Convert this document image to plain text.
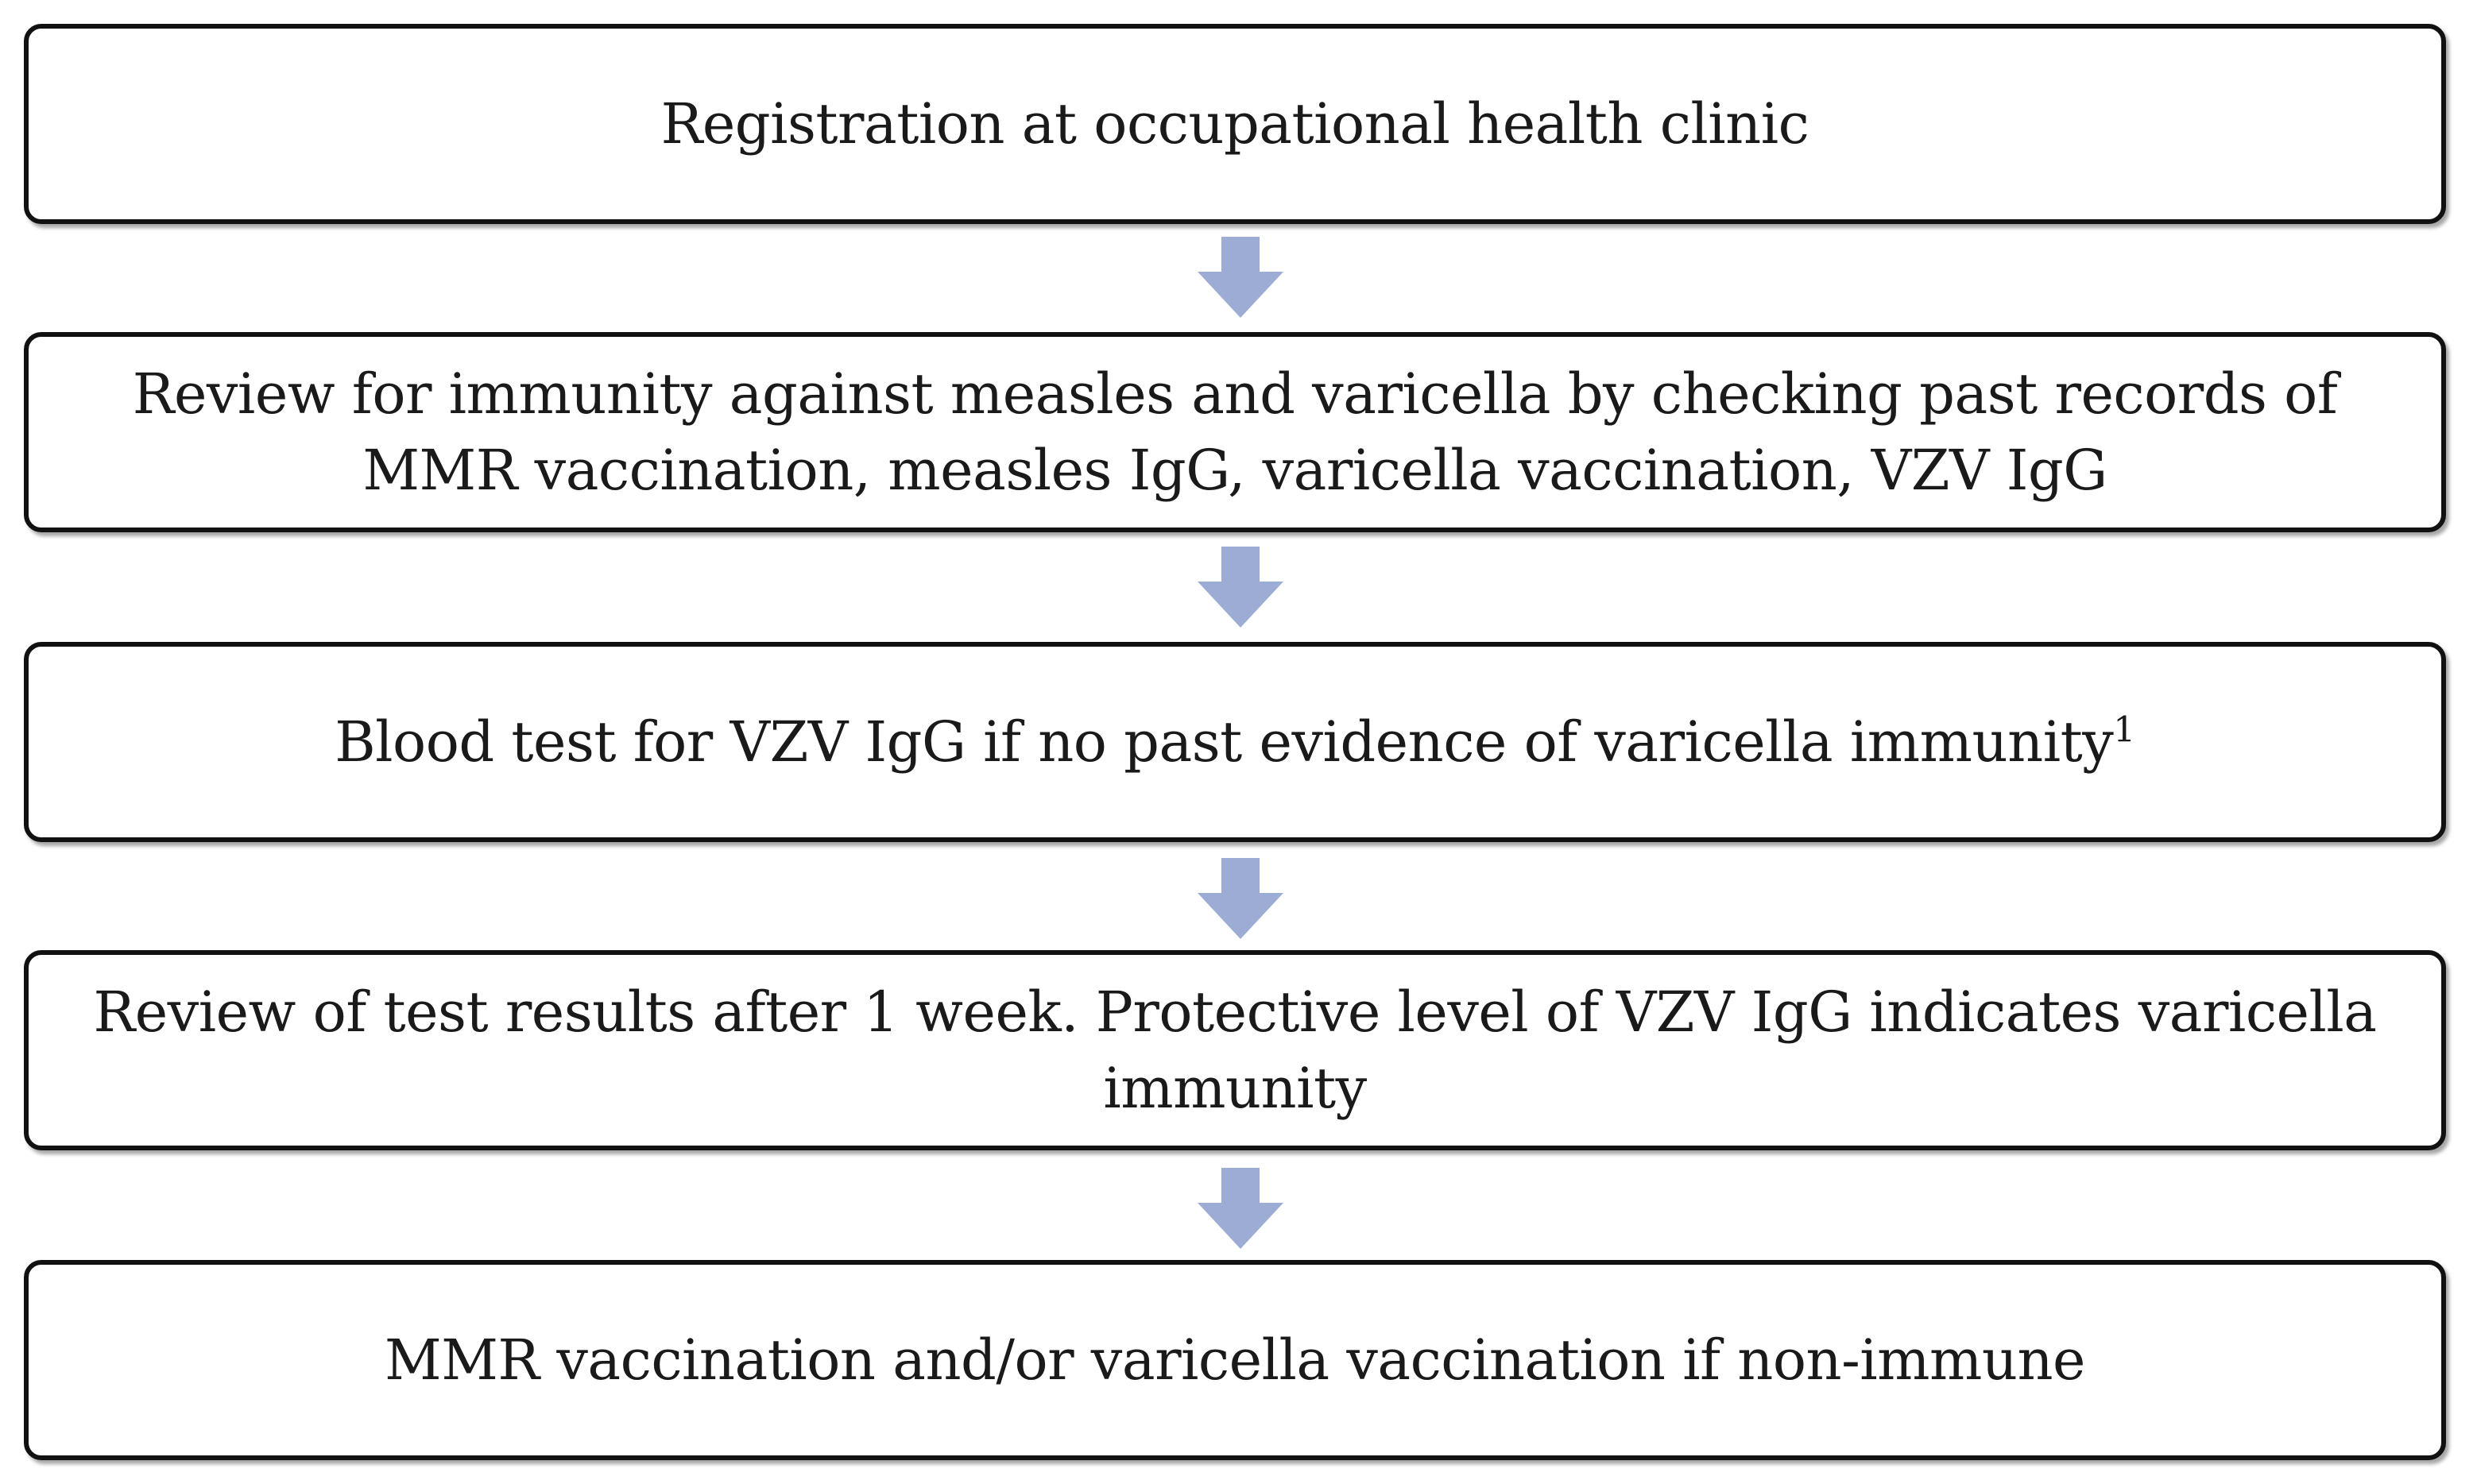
Registration at occupational health clinic
Review for immunity against measles and varicella by checking past records of MMR vaccination, measles IgG, varicella vaccination, VZV IgG
Blood test for VZV IgG if no past evidence of varicella immunity$^1$
Review of test results after 1 week. Protective level of VZV IgG indicates varicella immunity
MMR vaccination and/or varicella vaccination if non-immune
